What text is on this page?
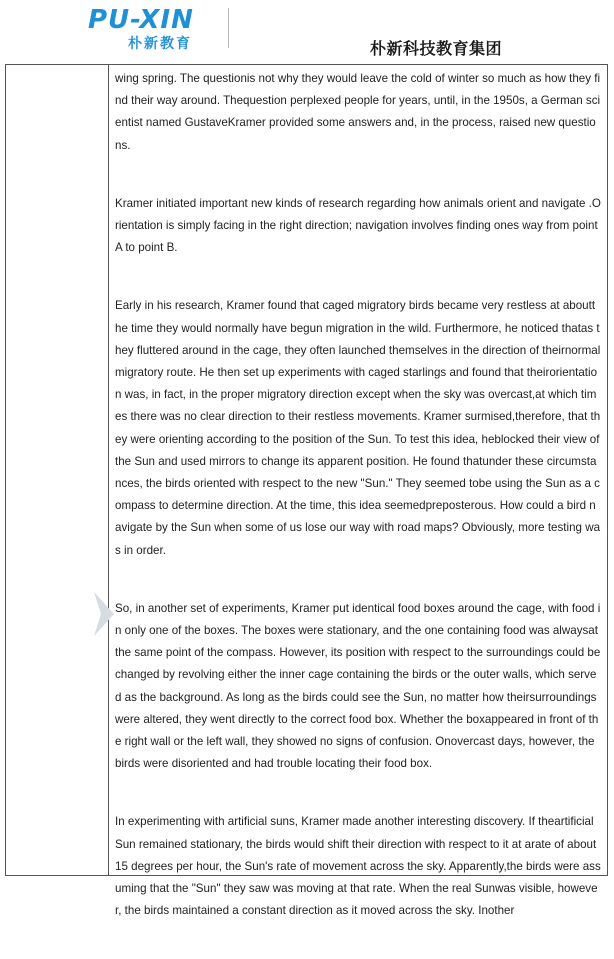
PU-XIN
朴新教育	朴新科技教育集团

wing spring. The questionis not why they would leave the cold of winter so much as how they find their way around. Thequestion perplexed people for years, until, in the 1950s, a German scientist named GustaveKramer provided some answers and, in the process, raised new questions.

Kramer initiated important new kinds of research regarding how animals orient and navigate .Orientation is simply facing in the right direction; navigation involves finding ones way from point A to point B.

Early in his research, Kramer found that caged migratory birds became very restless at aboutthe time they would normally have begun migration in the wild. Furthermore, he noticed thatas they fluttered around in the cage, they often launched themselves in the direction of theirnormal migratory route. He then set up experiments with caged starlings and found that theirorientation was, in fact, in the proper migratory direction except when the sky was overcast,at which times there was no clear direction to their restless movements. Kramer surmised,therefore, that they were orienting according to the position of the Sun. To test this idea, heblocked their view of the Sun and used mirrors to change its apparent position. He found thatunder these circumstances, the birds oriented with respect to the new "Sun." They seemed tobe using the Sun as a compass to determine direction. At the time, this idea seemedpreposterous. How could a bird navigate by the Sun when some of us lose our way with road maps? Obviously, more testing was in order.

So, in another set of experiments, Kramer put identical food boxes around the cage, with food in only one of the boxes. The boxes were stationary, and the one containing food was alwaysat the same point of the compass. However, its position with respect to the surroundings could be changed by revolving either the inner cage containing the birds or the outer walls, which served as the background. As long as the birds could see the Sun, no matter how theirsurroundings were altered, they went directly to the correct food box. Whether the boxappeared in front of the right wall or the left wall, they showed no signs of confusion. Onovercast days, however, the birds were disoriented and had trouble locating their food box.

In experimenting with artificial suns, Kramer made another interesting discovery. If theartificial Sun remained stationary, the birds would shift their direction with respect to it at arate of about 15 degrees per hour, the Sun's rate of movement across the sky. Apparently,the birds were assuming that the "Sun" they saw was moving at that rate. When the real Sunwas visible, however, the birds maintained a constant direction as it moved across the sky. Inother
